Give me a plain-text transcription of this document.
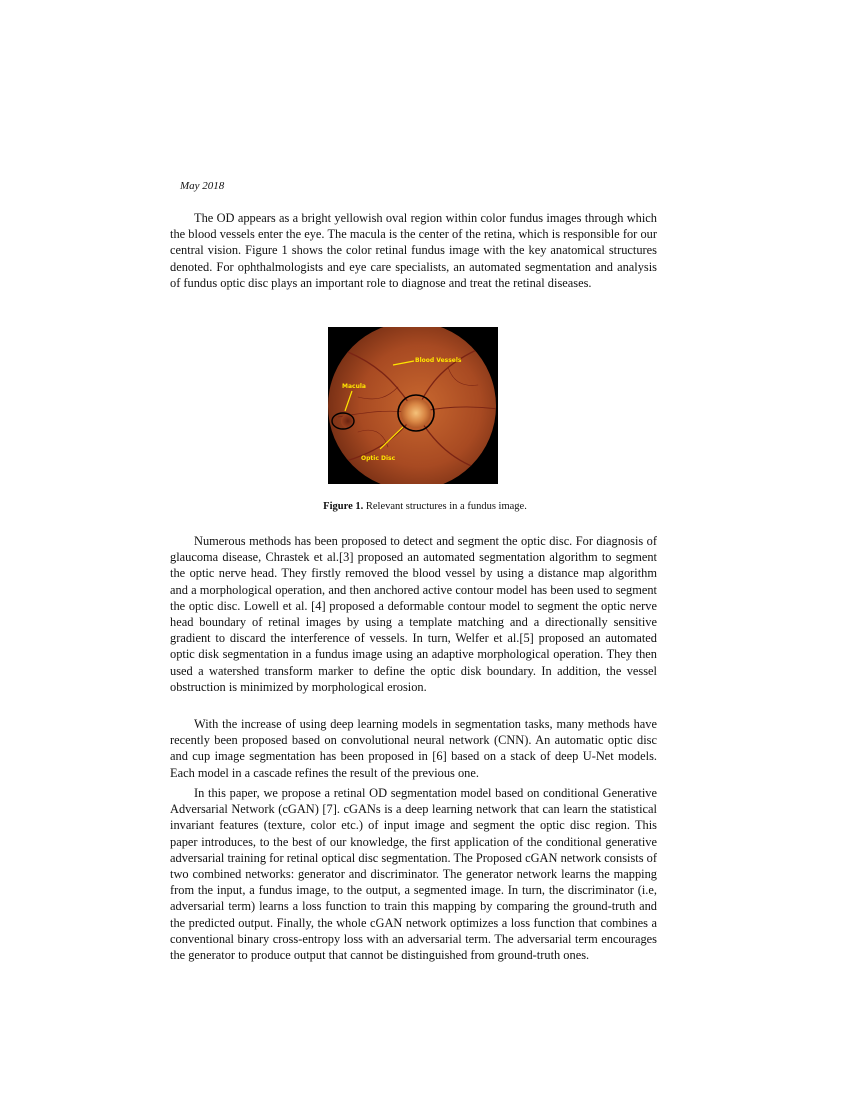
May 2018

The OD appears as a bright yellowish oval region within color fundus images through which the blood vessels enter the eye. The macula is the center of the retina, which is responsible for our central vision. Figure 1 shows the color retinal fundus image with the key anatomical structures denoted. For ophthalmologists and eye care specialists, an automated segmentation and analysis of fundus optic disc plays an important role to diagnose and treat the retinal diseases.

Blood Vessels
Macula
Optic Disc
Figure 1. Relevant structures in a fundus image.

Numerous methods has been proposed to detect and segment the optic disc. For diagnosis of glaucoma disease, Chrastek et al.[3] proposed an automated segmentation algorithm to segment the optic nerve head. They firstly removed the blood vessel by using a distance map algorithm and a morphological operation, and then anchored active contour model has been used to segment the optic disc. Lowell et al. [4] proposed a deformable contour model to segment the optic nerve head boundary of retinal images by using a template matching and a directionally sensitive gradient to discard the interference of vessels. In turn, Welfer et al.[5] proposed an automated optic disk segmentation in a fundus image using an adaptive morphological operation. They then used a watershed transform marker to define the optic disk boundary. In addition, the vessel obstruction is minimized by morphological erosion.

With the increase of using deep learning models in segmentation tasks, many methods have recently been proposed based on convolutional neural network (CNN). An automatic optic disc and cup image segmentation has been proposed in [6] based on a stack of deep U-Net models. Each model in a cascade refines the result of the previous one.

In this paper, we propose a retinal OD segmentation model based on conditional Generative Adversarial Network (cGAN) [7]. cGANs is a deep learning network that can learn the statistical invariant features (texture, color etc.) of input image and segment the optic disc region. This paper introduces, to the best of our knowledge, the first application of the conditional generative adversarial training for retinal optical disc segmentation. The Proposed cGAN network consists of two combined networks: generator and discriminator. The generator network learns the mapping from the input, a fundus image, to the output, a segmented image. In turn, the discriminator (i.e, adversarial term) learns a loss function to train this mapping by comparing the ground-truth and the predicted output. Finally, the whole cGAN network optimizes a loss function that combines a conventional binary cross-entropy loss with an adversarial term. The adversarial term encourages the generator to produce output that cannot be distinguished from ground-truth ones.
